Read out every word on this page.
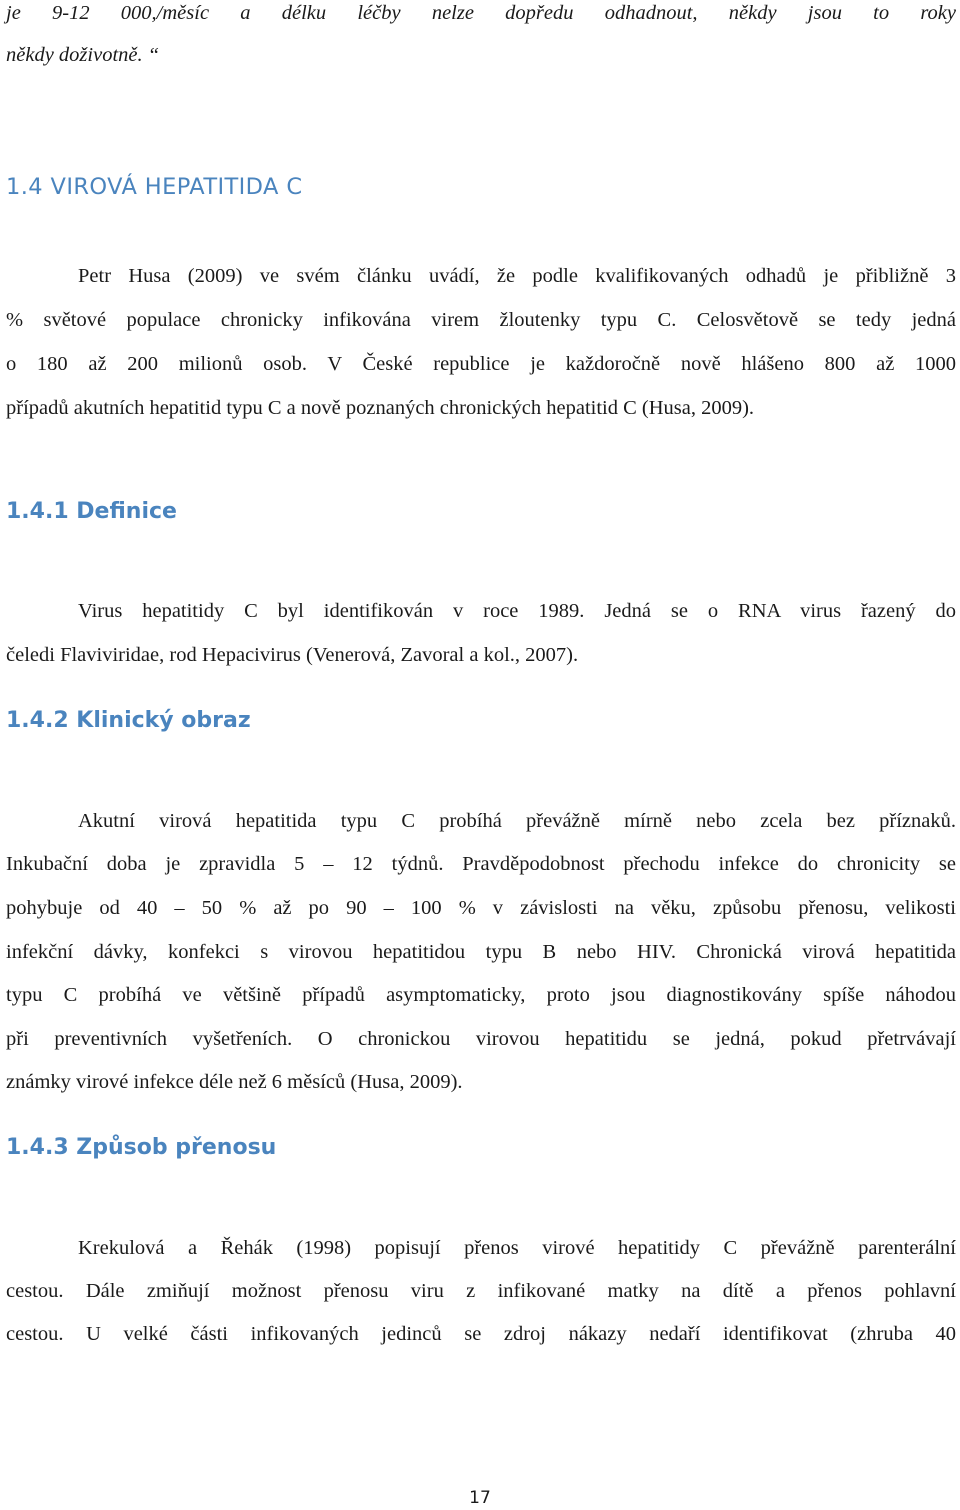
je 9-12 000,/měsíc a délku léčby nelze dopředu odhadnout, někdy jsou to roky

někdy doživotně. “

1.4 VIROVÁ HEPATITIDA C

Petr Husa (2009) ve svém článku uvádí, že podle kvalifikovaných odhadů je přibližně 3

% světové populace chronicky infikována virem žloutenky typu C. Celosvětově se tedy jedná

o 180 až 200 milionů osob. V České republice je každoročně nově hlášeno 800 až 1000

případů akutních hepatitid typu C a nově poznaných chronických hepatitid C (Husa, 2009).

1.4.1 Definice

Virus hepatitidy C byl identifikován v roce 1989. Jedná se o RNA virus řazený do

čeledi Flaviviridae, rod Hepacivirus (Venerová, Zavoral a kol., 2007).

1.4.2 Klinický obraz

Akutní virová hepatitida typu C probíhá převážně mírně nebo zcela bez příznaků.

Inkubační doba je zpravidla 5 – 12 týdnů. Pravděpodobnost přechodu infekce do chronicity se

pohybuje od 40 – 50 % až po 90 – 100 % v závislosti na věku, způsobu přenosu, velikosti

infekční dávky, konfekci s virovou hepatitidou typu B nebo HIV. Chronická virová hepatitida

typu C probíhá ve většině případů asymptomaticky, proto jsou diagnostikovány spíše náhodou

při preventivních vyšetřeních. O chronickou virovou hepatitidu se jedná, pokud přetrvávají

známky virové infekce déle než 6 měsíců (Husa, 2009).

1.4.3 Způsob přenosu

Krekulová a Řehák (1998) popisují přenos virové hepatitidy C převážně parenterální

cestou. Dále zmiňují možnost přenosu viru z infikované matky na dítě a přenos pohlavní

cestou. U velké části infikovaných jedinců se zdroj nákazy nedaří identifikovat (zhruba 40

17
